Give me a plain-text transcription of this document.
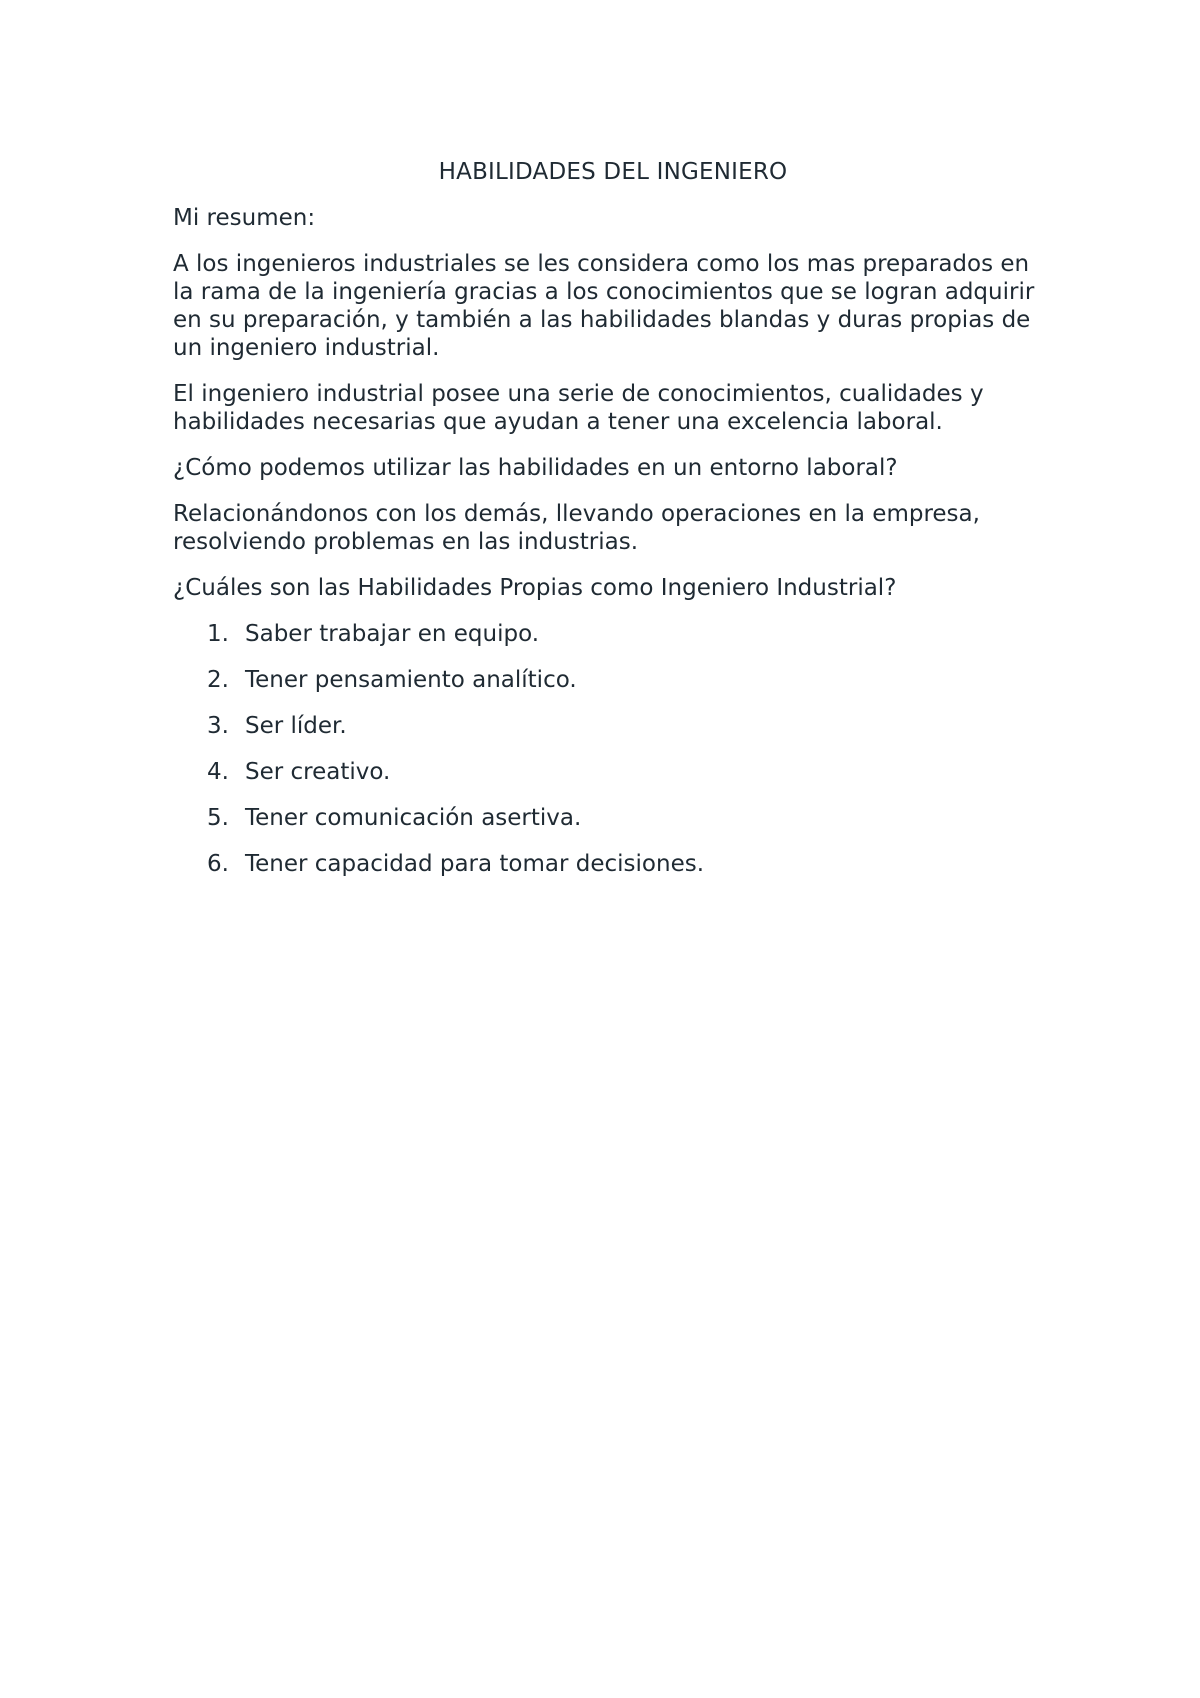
HABILIDADES DEL INGENIERO

Mi resumen:

A los ingenieros industriales se les considera como los mas preparados en la rama de la ingeniería gracias a los conocimientos que se logran adquirir en su preparación, y también a las habilidades blandas y duras propias de un ingeniero industrial.

El ingeniero industrial posee una serie de conocimientos, cualidades y habilidades necesarias que ayudan a tener una excelencia laboral.

¿Cómo podemos utilizar las habilidades en un entorno laboral?

Relacionándonos con los demás, llevando operaciones en la empresa, resolviendo problemas en las industrias.

¿Cuáles son las Habilidades Propias como Ingeniero Industrial?

1. Saber trabajar en equipo.
2. Tener pensamiento analítico.
3. Ser líder.
4. Ser creativo.
5. Tener comunicación asertiva.
6. Tener capacidad para tomar decisiones.
